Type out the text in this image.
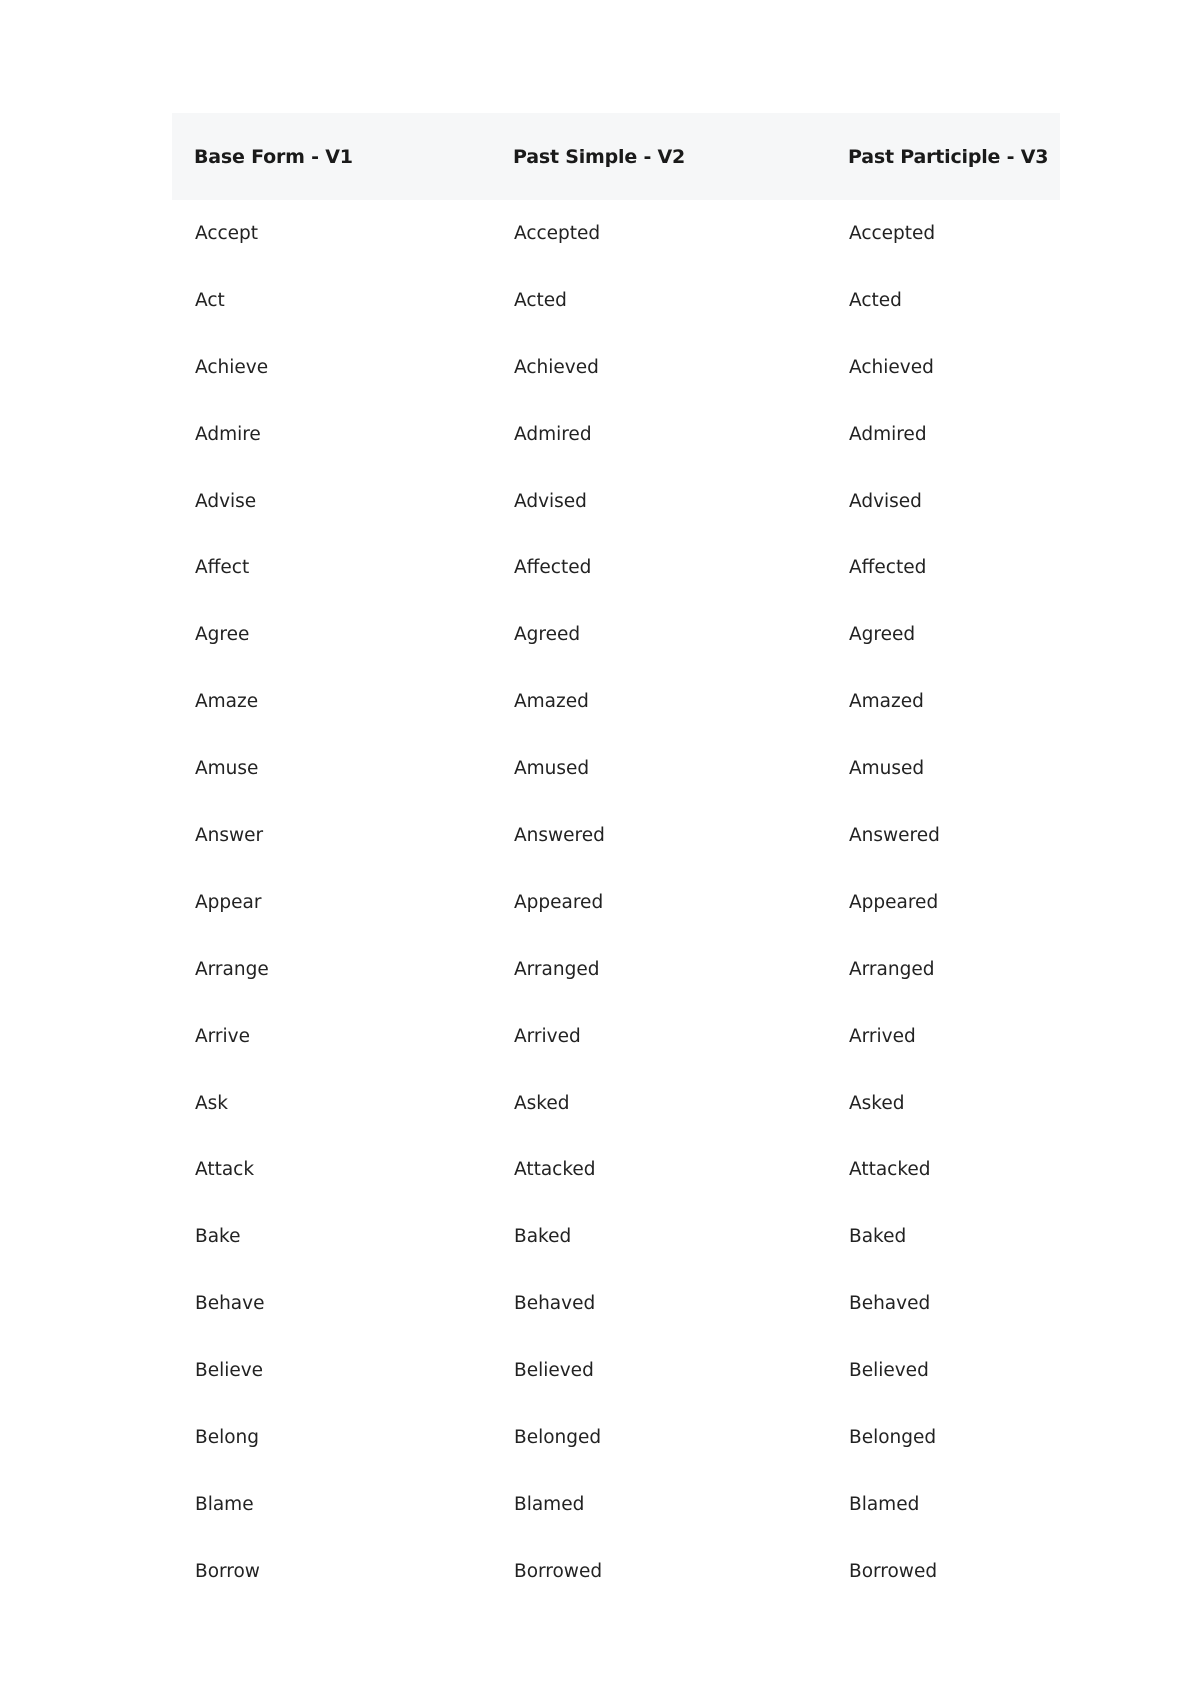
Base Form - V1	Past Simple - V2	Past Participle - V3
Accept	Accepted	Accepted
Act	Acted	Acted
Achieve	Achieved	Achieved
Admire	Admired	Admired
Advise	Advised	Advised
Affect	Affected	Affected
Agree	Agreed	Agreed
Amaze	Amazed	Amazed
Amuse	Amused	Amused
Answer	Answered	Answered
Appear	Appeared	Appeared
Arrange	Arranged	Arranged
Arrive	Arrived	Arrived
Ask	Asked	Asked
Attack	Attacked	Attacked
Bake	Baked	Baked
Behave	Behaved	Behaved
Believe	Believed	Believed
Belong	Belonged	Belonged
Blame	Blamed	Blamed
Borrow	Borrowed	Borrowed
